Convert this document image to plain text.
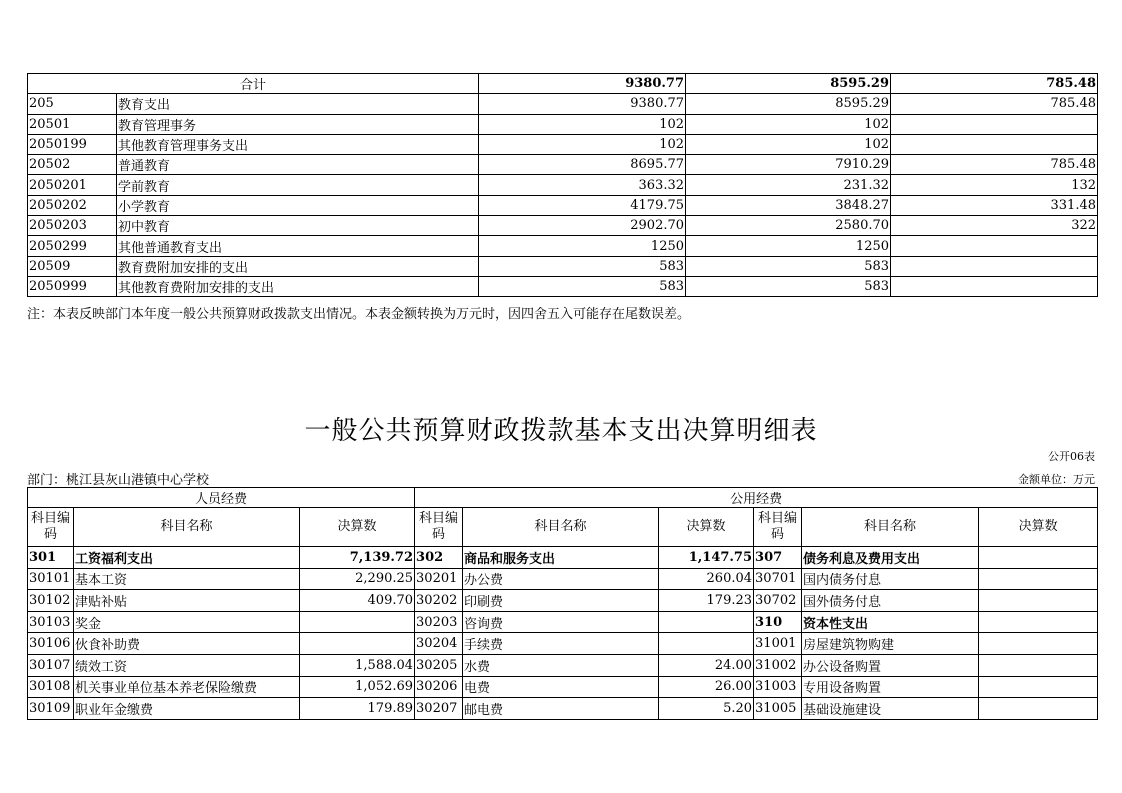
合计		9380.77	8595.29	785.48
205	教育支出	9380.77	8595.29	785.48
20501	教育管理事务	102	102	
2050199	其他教育管理事务支出	102	102	
20502	普通教育	8695.77	7910.29	785.48
2050201	学前教育	363.32	231.32	132
2050202	小学教育	4179.75	3848.27	331.48
2050203	初中教育	2902.70	2580.70	322
2050299	其他普通教育支出	1250	1250	
20509	教育费附加安排的支出	583	583	
2050999	其他教育费附加安排的支出	583	583	
注：本表反映部门本年度一般公共预算财政拨款支出情况。本表金额转换为万元时，因四舍五入可能存在尾数误差。
一般公共预算财政拨款基本支出决算明细表
公开06表
部门：桃江县灰山港镇中心学校	金额单位：万元
人员经费			公用经费					
科目编码	科目名称	决算数	科目编码	科目名称	决算数	科目编码	科目名称	决算数
301	工资福利支出	7,139.72	302	商品和服务支出	1,147.75	307	债务利息及费用支出	
30101	基本工资	2,290.25	30201	办公费	260.04	30701	国内债务付息	
30102	津贴补贴	409.70	30202	印刷费	179.23	30702	国外债务付息	
30103	奖金		30203	咨询费		310	资本性支出	
30106	伙食补助费		30204	手续费		31001	房屋建筑物购建	
30107	绩效工资	1,588.04	30205	水费	24.00	31002	办公设备购置	
30108	机关事业单位基本养老保险缴费	1,052.69	30206	电费	26.00	31003	专用设备购置	
30109	职业年金缴费	179.89	30207	邮电费	5.20	31005	基础设施建设	
